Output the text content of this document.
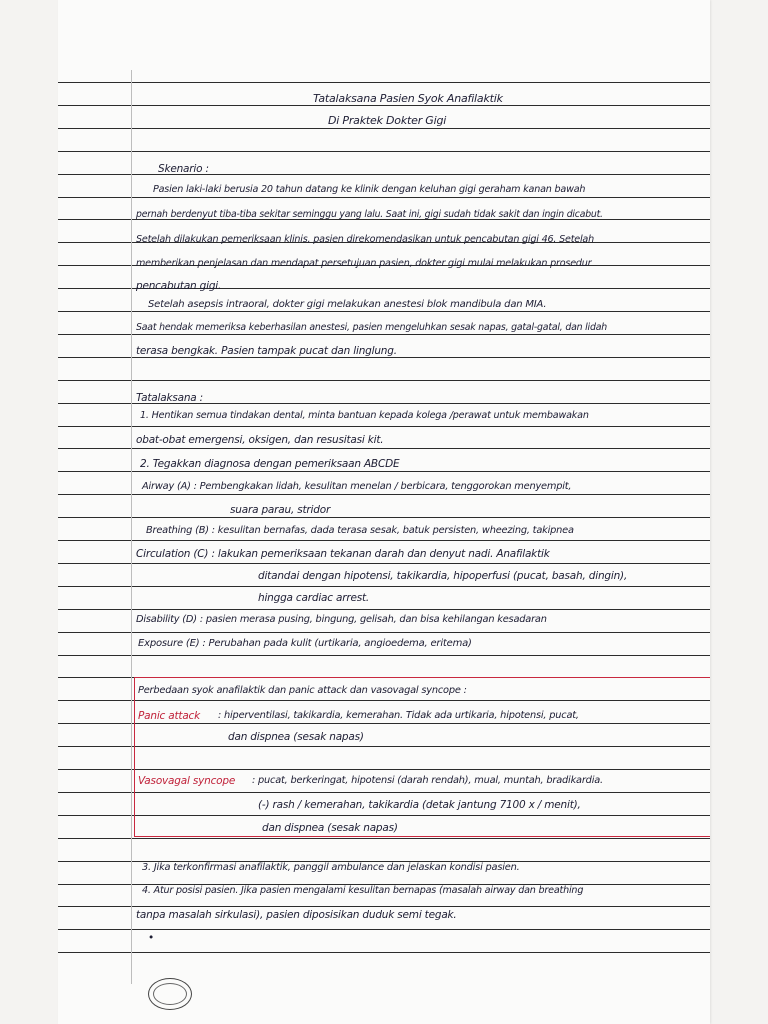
Tatalaksana Pasien Syok Anafilaktik
Di Praktek Dokter Gigi
Skenario :
Pasien laki-laki berusia 20 tahun datang ke klinik dengan keluhan gigi geraham kanan bawah
pernah berdenyut tiba-tiba sekitar seminggu yang lalu. Saat ini, gigi sudah tidak sakit dan ingin dicabut.
Setelah dilakukan pemeriksaan klinis, pasien direkomendasikan untuk pencabutan gigi 46. Setelah
memberikan penjelasan dan mendapat persetujuan pasien, dokter gigi mulai melakukan prosedur
pencabutan gigi.
Setelah asepsis intraoral, dokter gigi melakukan anestesi blok mandibula dan MIA.
Saat hendak memeriksa keberhasilan anestesi, pasien mengeluhkan sesak napas, gatal-gatal, dan lidah
terasa bengkak. Pasien tampak pucat dan linglung.
Tatalaksana :
1. Hentikan semua tindakan dental, minta bantuan kepada kolega /perawat untuk membawakan
obat-obat emergensi, oksigen, dan resusitasi kit.
2. Tegakkan diagnosa dengan pemeriksaan ABCDE
Airway (A) : Pembengkakan lidah, kesulitan menelan / berbicara, tenggorokan menyempit,
suara parau, stridor
Breathing (B) : kesulitan bernafas, dada terasa sesak, batuk persisten, wheezing, takipnea
Circulation (C) : lakukan pemeriksaan tekanan darah dan denyut nadi. Anafilaktik
ditandai dengan hipotensi, takikardia, hipoperfusi (pucat, basah, dingin),
hingga cardiac arrest.
Disability (D) : pasien merasa pusing, bingung, gelisah, dan bisa kehilangan kesadaran
Exposure (E) : Perubahan pada kulit (urtikaria, angioedema, eritema)
Perbedaan syok anafilaktik dan panic attack dan vasovagal syncope :
Panic attack : hiperventilasi, takikardia, kemerahan. Tidak ada urtikaria, hipotensi, pucat,
dan dispnea (sesak napas)
Vasovagal syncope : pucat, berkeringat, hipotensi (darah rendah), mual, muntah, bradikardia.
(-) rash / kemerahan, takikardia (detak jantung 7100 x / menit),
dan dispnea (sesak napas)
3. Jika terkonfirmasi anafilaktik, panggil ambulance dan jelaskan kondisi pasien.
4. Atur posisi pasien. Jika pasien mengalami kesulitan bernapas (masalah airway dan breathing
tanpa masalah sirkulasi), pasien diposisikan duduk semi tegak.
•
